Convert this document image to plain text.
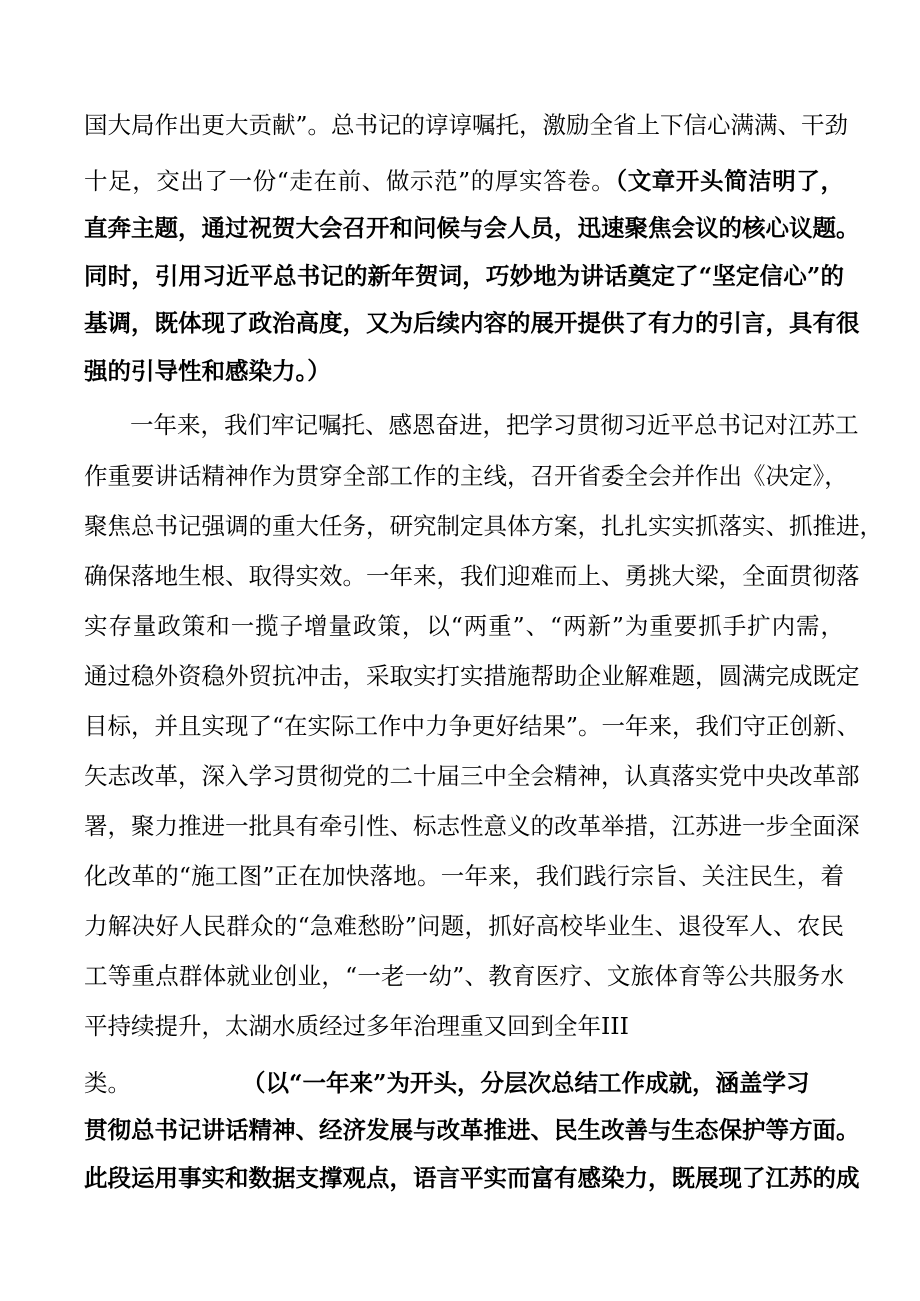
国大局作出更大贡献”。总书记的谆谆嘱托，激励全省上下信心满满、干劲
十足，交出了一份“走在前、做示范”的厚实答卷。（文章开头简洁明了，
直奔主题，通过祝贺大会召开和问候与会人员，迅速聚焦会议的核心议题。
同时，引用习近平总书记的新年贺词，巧妙地为讲话奠定了“坚定信心”的
基调，既体现了政治高度，又为后续内容的展开提供了有力的引言，具有很
强的引导性和感染力。）
一年来，我们牢记嘱托、感恩奋进，把学习贯彻习近平总书记对江苏工
作重要讲话精神作为贯穿全部工作的主线，召开省委全会并作出《决定》，
聚焦总书记强调的重大任务，研究制定具体方案，扎扎实实抓落实、抓推进，
确保落地生根、取得实效。一年来，我们迎难而上、勇挑大梁，全面贯彻落
实存量政策和一揽子增量政策，以“两重”、“两新”为重要抓手扩内需，
通过稳外资稳外贸抗冲击，采取实打实措施帮助企业解难题，圆满完成既定
目标，并且实现了“在实际工作中力争更好结果”。一年来，我们守正创新、
矢志改革，深入学习贯彻党的二十届三中全会精神，认真落实党中央改革部
署，聚力推进一批具有牵引性、标志性意义的改革举措，江苏进一步全面深
化改革的“施工图”正在加快落地。一年来，我们践行宗旨、关注民生，着
力解决好人民群众的“急难愁盼”问题，抓好高校毕业生、退役军人、农民
工等重点群体就业创业，“一老一幼”、教育医疗、文旅体育等公共服务水
平持续提升，太湖水质经过多年治理重又回到全年III
类。	（以“一年来”为开头，分层次总结工作成就，涵盖学习
贯彻总书记讲话精神、经济发展与改革推进、民生改善与生态保护等方面。
此段运用事实和数据支撑观点，语言平实而富有感染力，既展现了江苏的成
